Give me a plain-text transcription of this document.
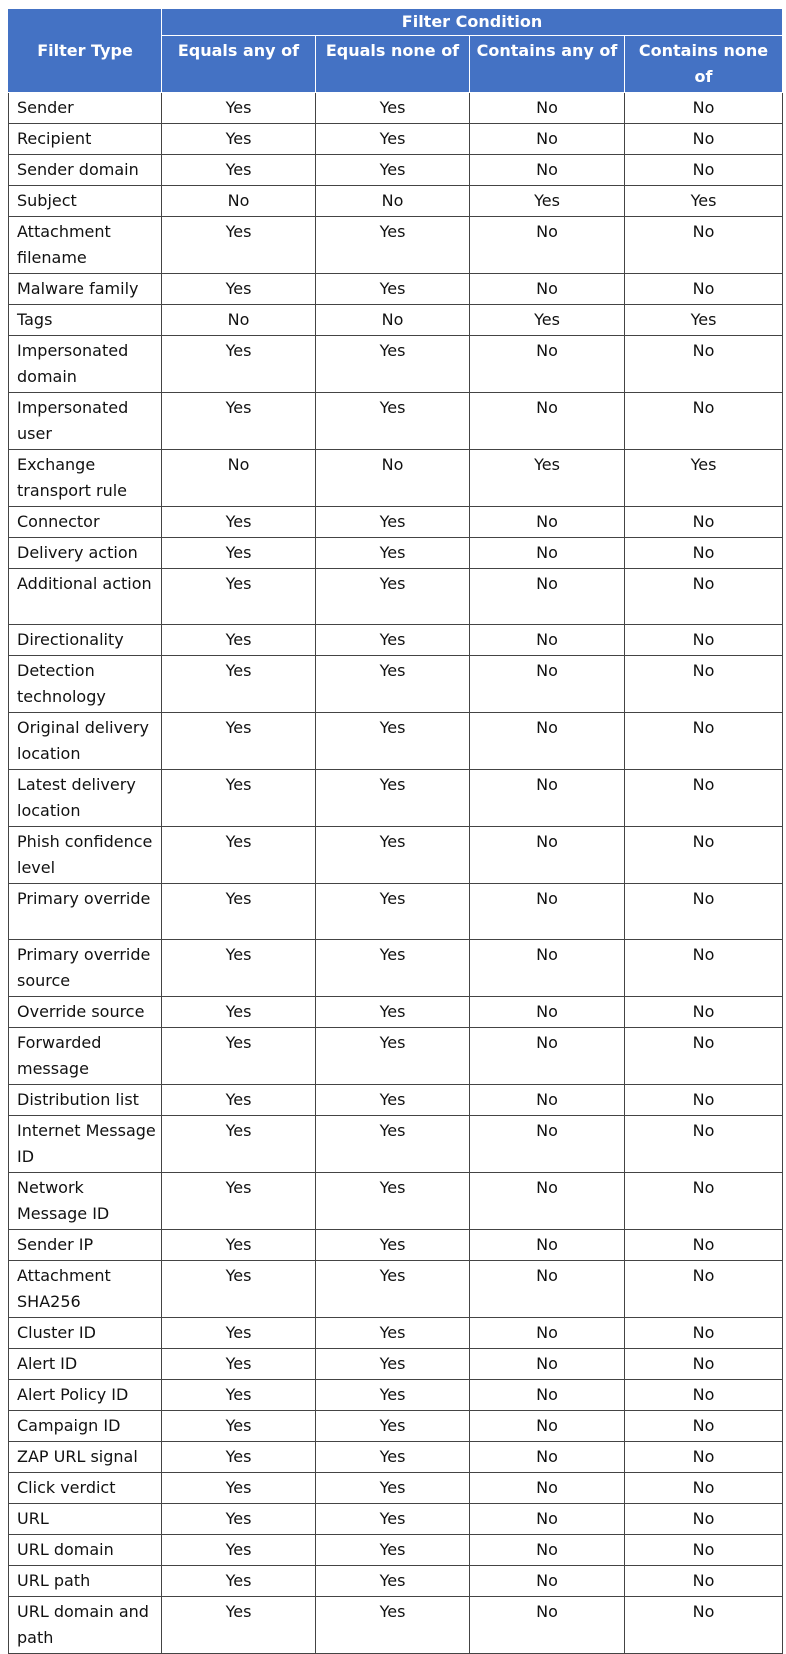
Filter Type	Filter Condition			
	Equals any of	Equals none of	Contains any of	Contains none of
Sender	Yes	Yes	No	No
Recipient	Yes	Yes	No	No
Sender domain	Yes	Yes	No	No
Subject	No	No	Yes	Yes
Attachment filename	Yes	Yes	No	No
Malware family	Yes	Yes	No	No
Tags	No	No	Yes	Yes
Impersonated domain	Yes	Yes	No	No
Impersonated user	Yes	Yes	No	No
Exchange transport rule	No	No	Yes	Yes
Connector	Yes	Yes	No	No
Delivery action	Yes	Yes	No	No
Additional action	Yes	Yes	No	No
Directionality	Yes	Yes	No	No
Detection technology	Yes	Yes	No	No
Original delivery location	Yes	Yes	No	No
Latest delivery location	Yes	Yes	No	No
Phish confidence level	Yes	Yes	No	No
Primary override	Yes	Yes	No	No
Primary override source	Yes	Yes	No	No
Override source	Yes	Yes	No	No
Forwarded message	Yes	Yes	No	No
Distribution list	Yes	Yes	No	No
Internet Message ID	Yes	Yes	No	No
Network Message ID	Yes	Yes	No	No
Sender IP	Yes	Yes	No	No
Attachment SHA256	Yes	Yes	No	No
Cluster ID	Yes	Yes	No	No
Alert ID	Yes	Yes	No	No
Alert Policy ID	Yes	Yes	No	No
Campaign ID	Yes	Yes	No	No
ZAP URL signal	Yes	Yes	No	No
Click verdict	Yes	Yes	No	No
URL	Yes	Yes	No	No
URL domain	Yes	Yes	No	No
URL path	Yes	Yes	No	No
URL domain and path	Yes	Yes	No	No
